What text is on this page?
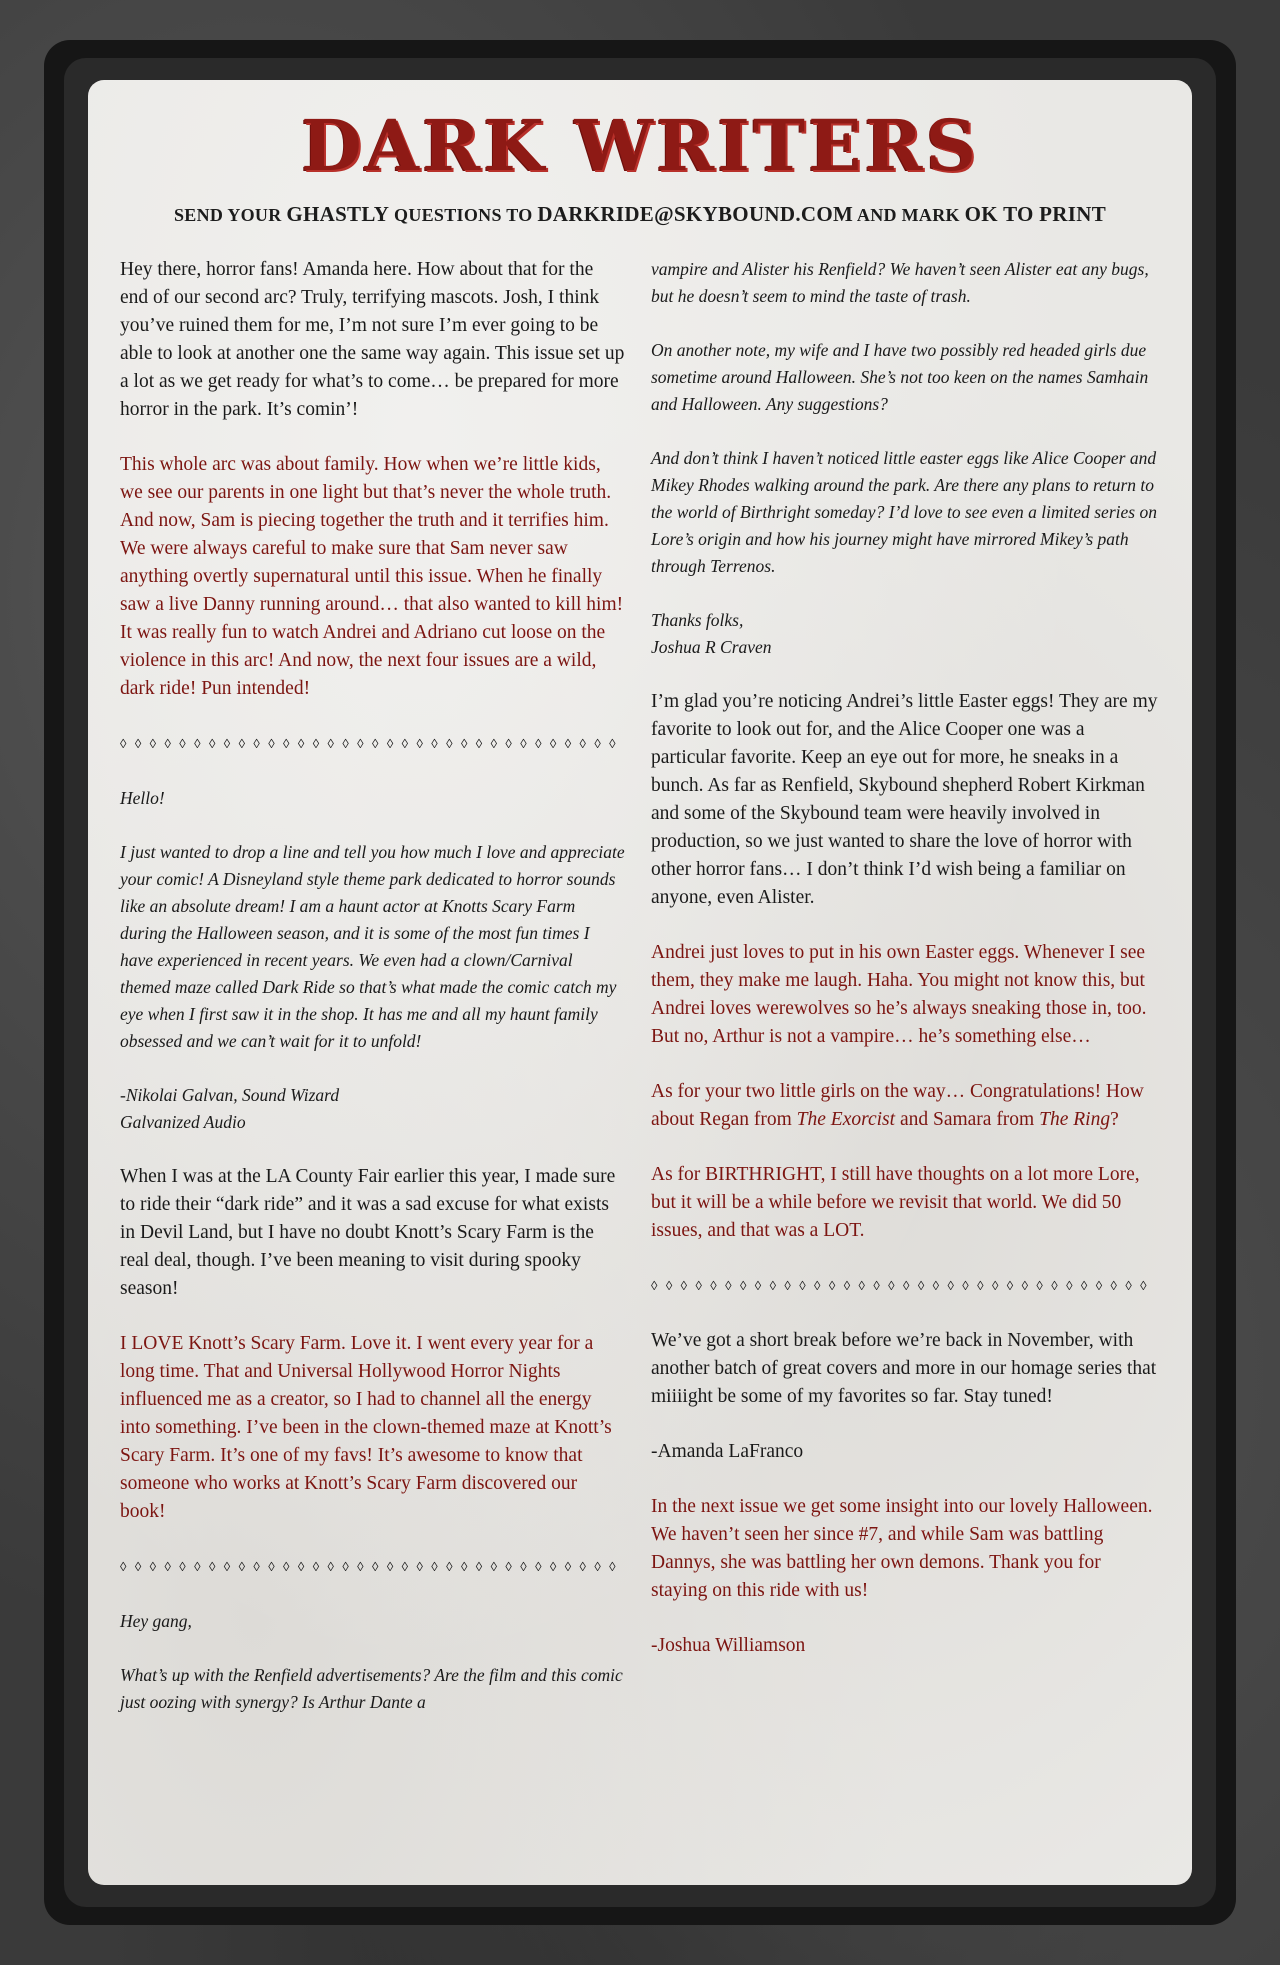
DARK WRITERS
SEND YOUR GHASTLY QUESTIONS TO DARKRIDE@SKYBOUND.COM AND MARK OK TO PRINT

Hey there, horror fans! Amanda here. How about that for the end of our second arc? Truly, terrifying mascots. Josh, I think you’ve ruined them for me, I’m not sure I’m ever going to be able to look at another one the same way again. This issue set up a lot as we get ready for what’s to come… be prepared for more horror in the park. It’s comin’!

This whole arc was about family. How when we’re little kids, we see our parents in one light but that’s never the whole truth. And now, Sam is piecing together the truth and it terrifies him. We were always careful to make sure that Sam never saw anything overtly supernatural until this issue. When he finally saw a live Danny running around… that also wanted to kill him! It was really fun to watch Andrei and Adriano cut loose on the violence in this arc! And now, the next four issues are a wild, dark ride! Pun intended!

◊◊◊◊◊◊◊◊◊◊◊◊◊◊◊◊◊◊◊◊◊◊◊◊◊◊◊◊◊◊◊◊◊◊

Hello!

I just wanted to drop a line and tell you how much I love and appreciate your comic! A Disneyland style theme park dedicated to horror sounds like an absolute dream! I am a haunt actor at Knotts Scary Farm during the Halloween season, and it is some of the most fun times I have experienced in recent years. We even had a clown/Carnival themed maze called Dark Ride so that’s what made the comic catch my eye when I first saw it in the shop. It has me and all my haunt family obsessed and we can’t wait for it to unfold!

-Nikolai Galvan, Sound Wizard
Galvanized Audio

When I was at the LA County Fair earlier this year, I made sure to ride their “dark ride” and it was a sad excuse for what exists in Devil Land, but I have no doubt Knott’s Scary Farm is the real deal, though. I’ve been meaning to visit during spooky season!

I LOVE Knott’s Scary Farm. Love it. I went every year for a long time. That and Universal Hollywood Horror Nights influenced me as a creator, so I had to channel all the energy into something. I’ve been in the clown-themed maze at Knott’s Scary Farm. It’s one of my favs! It’s awesome to know that someone who works at Knott’s Scary Farm discovered our book!

◊◊◊◊◊◊◊◊◊◊◊◊◊◊◊◊◊◊◊◊◊◊◊◊◊◊◊◊◊◊◊◊◊◊

Hey gang,

What’s up with the Renfield advertisements? Are the film and this comic just oozing with synergy? Is Arthur Dante a

vampire and Alister his Renfield? We haven’t seen Alister eat any bugs, but he doesn’t seem to mind the taste of trash.

On another note, my wife and I have two possibly red headed girls due sometime around Halloween. She’s not too keen on the names Samhain and Halloween. Any suggestions?

And don’t think I haven’t noticed little easter eggs like Alice Cooper and Mikey Rhodes walking around the park. Are there any plans to return to the world of Birthright someday? I’d love to see even a limited series on Lore’s origin and how his journey might have mirrored Mikey’s path through Terrenos.

Thanks folks,
Joshua R Craven

I’m glad you’re noticing Andrei’s little Easter eggs! They are my favorite to look out for, and the Alice Cooper one was a particular favorite. Keep an eye out for more, he sneaks in a bunch. As far as Renfield, Skybound shepherd Robert Kirkman and some of the Skybound team were heavily involved in production, so we just wanted to share the love of horror with other horror fans… I don’t think I’d wish being a familiar on anyone, even Alister.

Andrei just loves to put in his own Easter eggs. Whenever I see them, they make me laugh. Haha. You might not know this, but Andrei loves werewolves so he’s always sneaking those in, too. But no, Arthur is not a vampire… he’s something else…

As for your two little girls on the way… Congratulations! How about Regan from The Exorcist and Samara from The Ring?

As for BIRTHRIGHT, I still have thoughts on a lot more Lore, but it will be a while before we revisit that world. We did 50 issues, and that was a LOT.

◊◊◊◊◊◊◊◊◊◊◊◊◊◊◊◊◊◊◊◊◊◊◊◊◊◊◊◊◊◊◊◊◊◊

We’ve got a short break before we’re back in November, with another batch of great covers and more in our homage series that miiiight be some of my favorites so far. Stay tuned!

-Amanda LaFranco

In the next issue we get some insight into our lovely Halloween. We haven’t seen her since #7, and while Sam was battling Dannys, she was battling her own demons. Thank you for staying on this ride with us!

-Joshua Williamson
